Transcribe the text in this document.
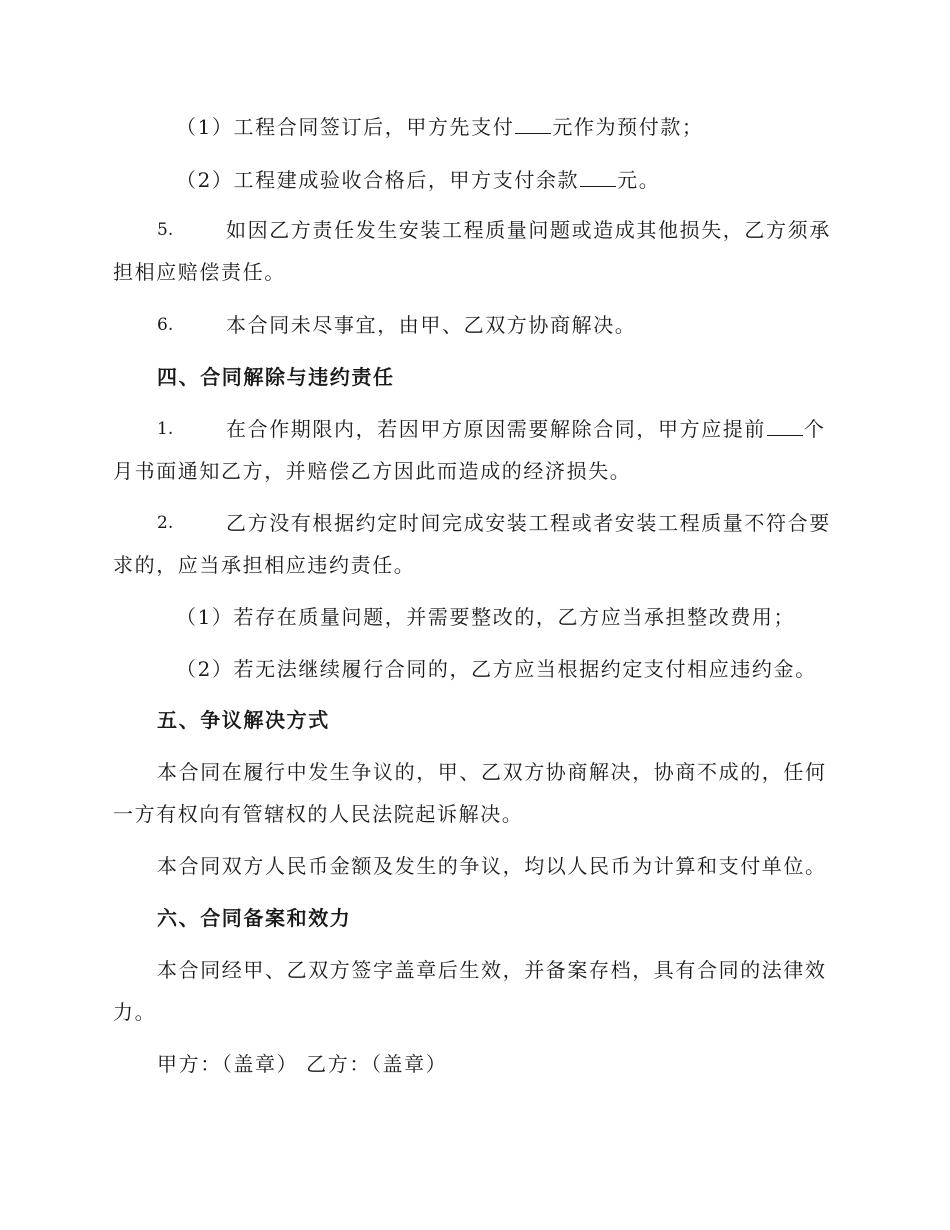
（1）工程合同签订后，甲方先支付 元作为预付款；
（2）工程建成验收合格后，甲方支付余款 元。
5.	如因乙方责任发生安装工程质量问题或造成其他损失，乙方须承
担相应赔偿责任。
6.	本合同未尽事宜，由甲、乙双方协商解决。
四、合同解除与违约责任
1.	在合作期限内，若因甲方原因需要解除合同，甲方应提前 个
月书面通知乙方，并赔偿乙方因此而造成的经济损失。
2.	乙方没有根据约定时间完成安装工程或者安装工程质量不符合要
求的，应当承担相应违约责任。
（1）若存在质量问题，并需要整改的，乙方应当承担整改费用；
（2）若无法继续履行合同的，乙方应当根据约定支付相应违约金。
五、争议解决方式
本合同在履行中发生争议的，甲、乙双方协商解决，协商不成的，任何
一方有权向有管辖权的人民法院起诉解决。
本合同双方人民币金额及发生的争议，均以人民币为计算和支付单位。
六、合同备案和效力
本合同经甲、乙双方签字盖章后生效，并备案存档，具有合同的法律效
力。
甲方：（盖章） 乙方：（盖章）
